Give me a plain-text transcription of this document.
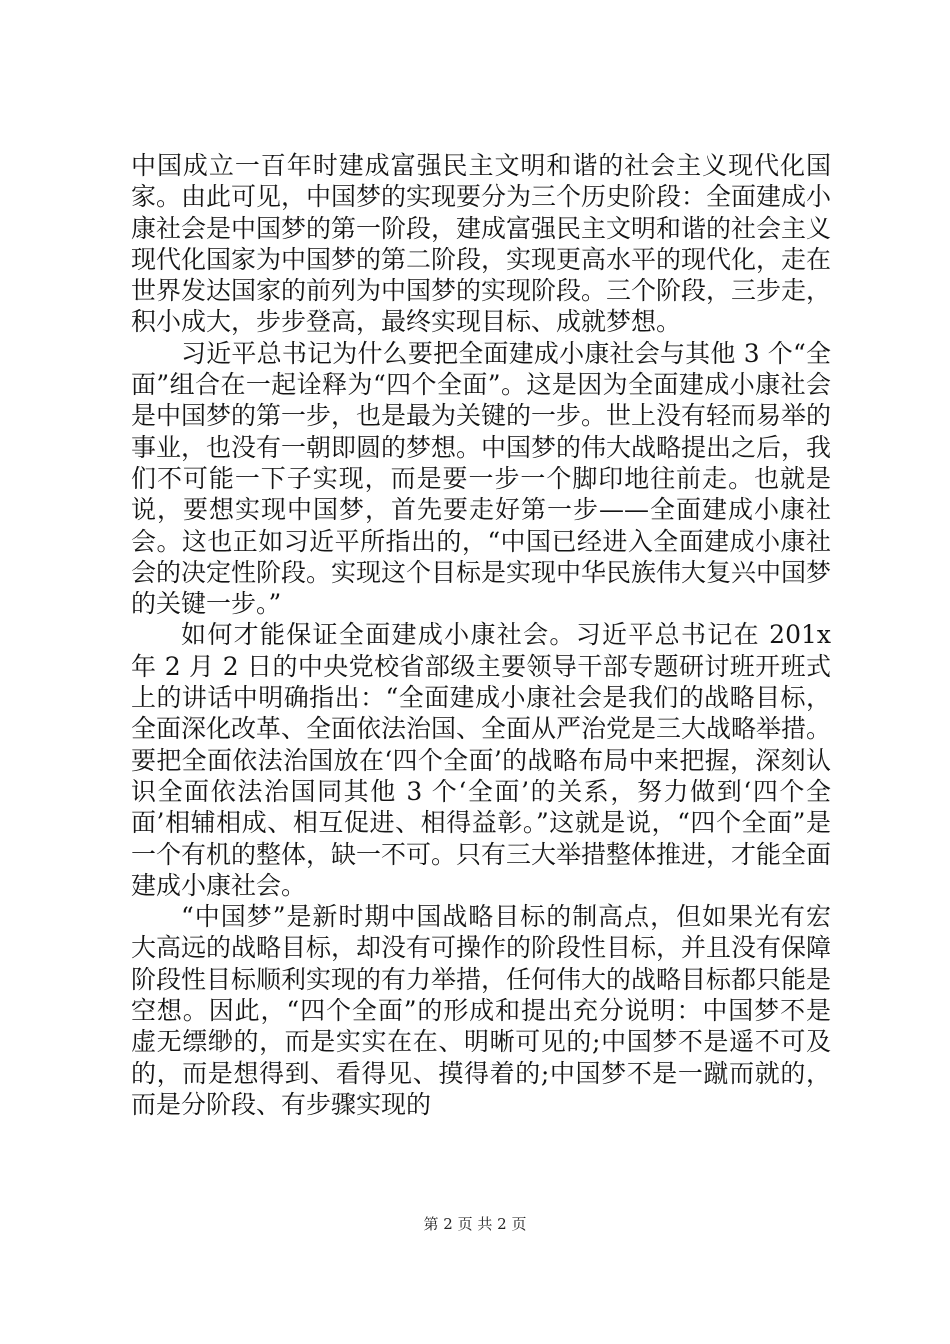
中国成立一百年时建成富强民主文明和谐的社会主义现代化国家。由此可见，中国梦的实现要分为三个历史阶段：全面建成小康社会是中国梦的第一阶段，建成富强民主文明和谐的社会主义现代化国家为中国梦的第二阶段，实现更高水平的现代化，走在世界发达国家的前列为中国梦的实现阶段。三个阶段，三步走，积小成大，步步登高，最终实现目标、成就梦想。

习近平总书记为什么要把全面建成小康社会与其他 3 个“全面”组合在一起诠释为“四个全面”。这是因为全面建成小康社会是中国梦的第一步，也是最为关键的一步。世上没有轻而易举的事业，也没有一朝即圆的梦想。中国梦的伟大战略提出之后，我们不可能一下子实现，而是要一步一个脚印地往前走。也就是说，要想实现中国梦，首先要走好第一步——全面建成小康社会。这也正如习近平所指出的，“中国已经进入全面建成小康社会的决定性阶段。实现这个目标是实现中华民族伟大复兴中国梦的关键一步。”

如何才能保证全面建成小康社会。习近平总书记在 201x 年 2 月 2 日的中央党校省部级主要领导干部专题研讨班开班式上的讲话中明确指出：“全面建成小康社会是我们的战略目标，全面深化改革、全面依法治国、全面从严治党是三大战略举措。要把全面依法治国放在‘四个全面’的战略布局中来把握，深刻认识全面依法治国同其他 3 个‘全面’的关系，努力做到‘四个全面’相辅相成、相互促进、相得益彰。”这就是说，“四个全面”是一个有机的整体，缺一不可。只有三大举措整体推进，才能全面建成小康社会。

“中国梦”是新时期中国战略目标的制高点，但如果光有宏大高远的战略目标，却没有可操作的阶段性目标，并且没有保障阶段性目标顺利实现的有力举措，任何伟大的战略目标都只能是空想。因此，“四个全面”的形成和提出充分说明：中国梦不是虚无缥缈的，而是实实在在、明晰可见的;中国梦不是遥不可及的，而是想得到、看得见、摸得着的;中国梦不是一蹴而就的，而是分阶段、有步骤实现的

第 2 页 共 2 页
